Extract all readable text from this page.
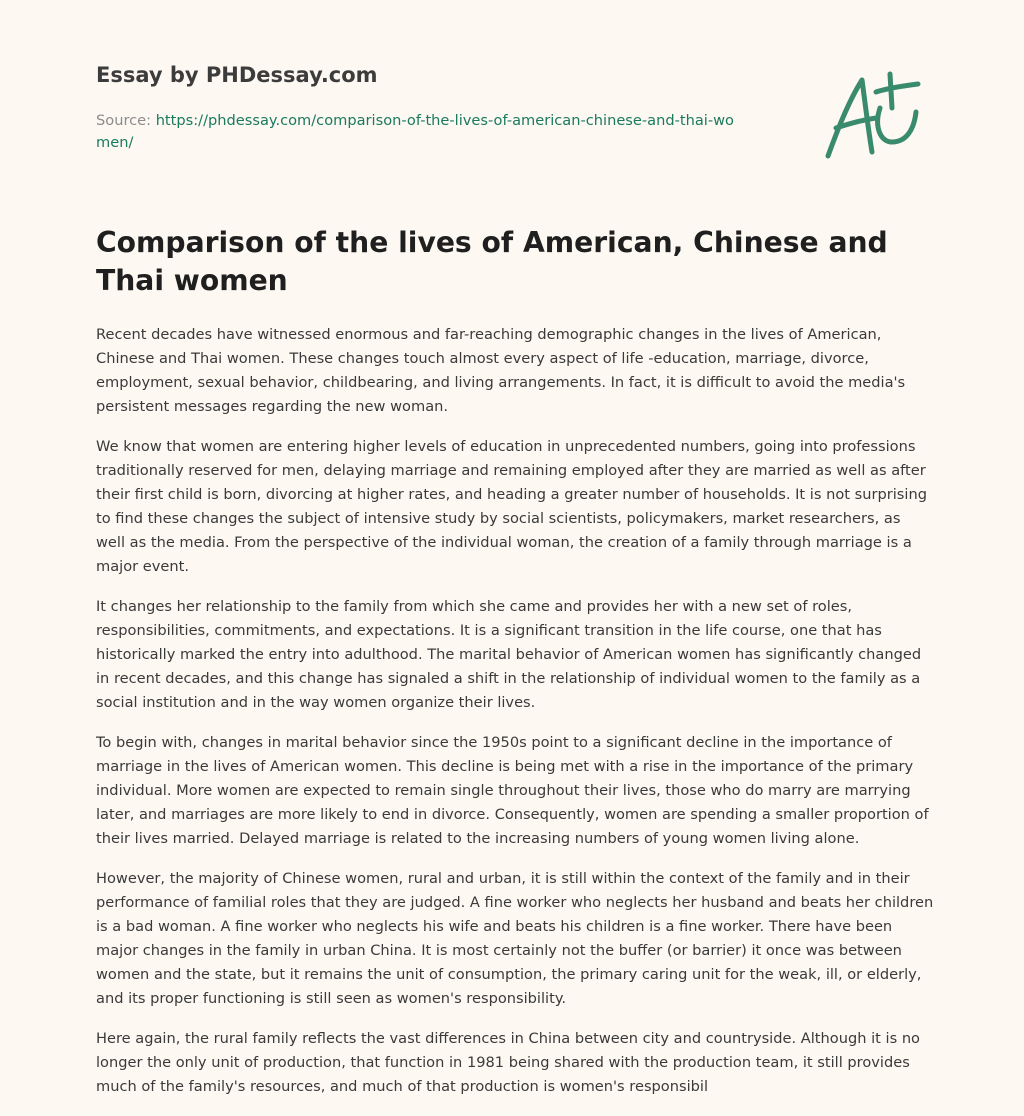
Essay by PHDessay.com
Source: https://phdessay.com/comparison-of-the-lives-of-american-chinese-and-thai-women/
Comparison of the lives of American, Chinese and Thai women

Recent decades have witnessed enormous and far-reaching demographic changes in the lives of American, Chinese and Thai women. These changes touch almost every aspect of life -education, marriage, divorce, employment, sexual behavior, childbearing, and living arrangements. In fact, it is difficult to avoid the media's persistent messages regarding the new woman.

We know that women are entering higher levels of education in unprecedented numbers, going into professions traditionally reserved for men, delaying marriage and remaining employed after they are married as well as after their first child is born, divorcing at higher rates, and heading a greater number of households. It is not surprising to find these changes the subject of intensive study by social scientists, policymakers, market researchers, as well as the media. From the perspective of the individual woman, the creation of a family through marriage is a major event.

It changes her relationship to the family from which she came and provides her with a new set of roles, responsibilities, commitments, and expectations. It is a significant transition in the life course, one that has historically marked the entry into adulthood. The marital behavior of American women has significantly changed in recent decades, and this change has signaled a shift in the relationship of individual women to the family as a social institution and in the way women organize their lives.

To begin with, changes in marital behavior since the 1950s point to a significant decline in the importance of marriage in the lives of American women. This decline is being met with a rise in the importance of the primary individual. More women are expected to remain single throughout their lives, those who do marry are marrying later, and marriages are more likely to end in divorce. Consequently, women are spending a smaller proportion of their lives married. Delayed marriage is related to the increasing numbers of young women living alone.

However, the majority of Chinese women, rural and urban, it is still within the context of the family and in their performance of familial roles that they are judged. A fine worker who neglects her husband and beats her children is a bad woman. A fine worker who neglects his wife and beats his children is a fine worker. There have been major changes in the family in urban China. It is most certainly not the buffer (or barrier) it once was between women and the state, but it remains the unit of consumption, the primary caring unit for the weak, ill, or elderly, and its proper functioning is still seen as women's responsibility.

Here again, the rural family reflects the vast differences in China between city and countryside. Although it is no longer the only unit of production, that function in 1981 being shared with the production team, it still provides much of the family's resources, and much of that production is women's responsibil
